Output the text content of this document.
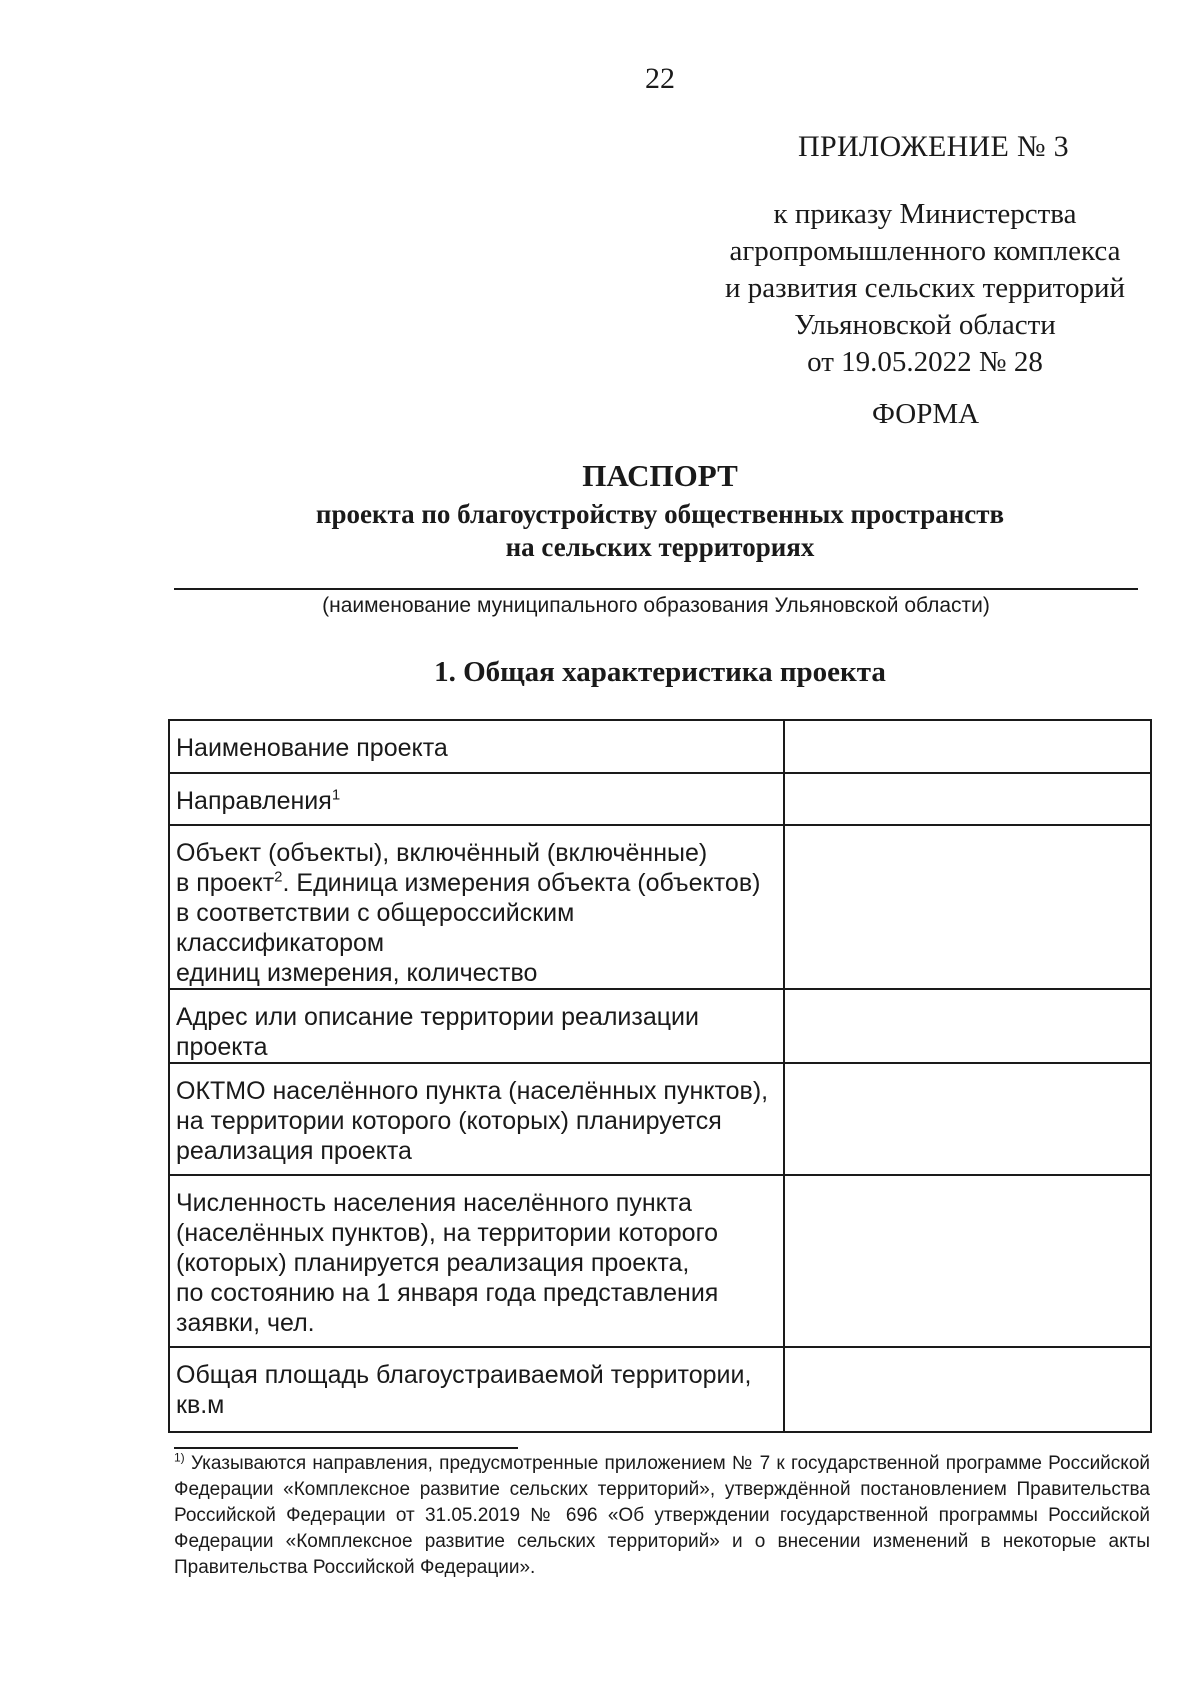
22
ПРИЛОЖЕНИЕ № 3
к приказу Министерства
агропромышленного комплекса
и развития сельских территорий
Ульяновской области
от 19.05.2022 № 28
ФОРМА
ПАСПОРТ
проекта по благоустройству общественных пространств
на сельских территориях
(наименование муниципального образования Ульяновской области)
1. Общая характеристика проекта
Наименование проекта	
Направления$^1$	

Объект (объекты), включённый (включённые)
в проект$^2$. Единица измерения объекта (объектов)
в соответствии с общероссийским классификатором
единиц измерения, количество	

Адрес или описание территории реализации проекта	

ОКТМО населённого пункта (населённых пунктов),
на территории которого (которых) планируется
реализация проекта	

Численность населения населённого пункта
(населённых пунктов), на территории которого
(которых) планируется реализация проекта,
по состоянию на 1 января года представления
заявки, чел.	

Общая площадь благоустраиваемой территории,
кв.м	

$^{1)}$ Указываются направления, предусмотренные приложением № 7 к государственной программе Российской Федерации «Комплексное развитие сельских территорий», утверждённой постановлением Правительства Российской Федерации от 31.05.2019 № 696 «Об утверждении государственной программы Российской Федерации «Комплексное развитие сельских территорий» и о внесении изменений в некоторые акты Правительства Российской Федерации».
